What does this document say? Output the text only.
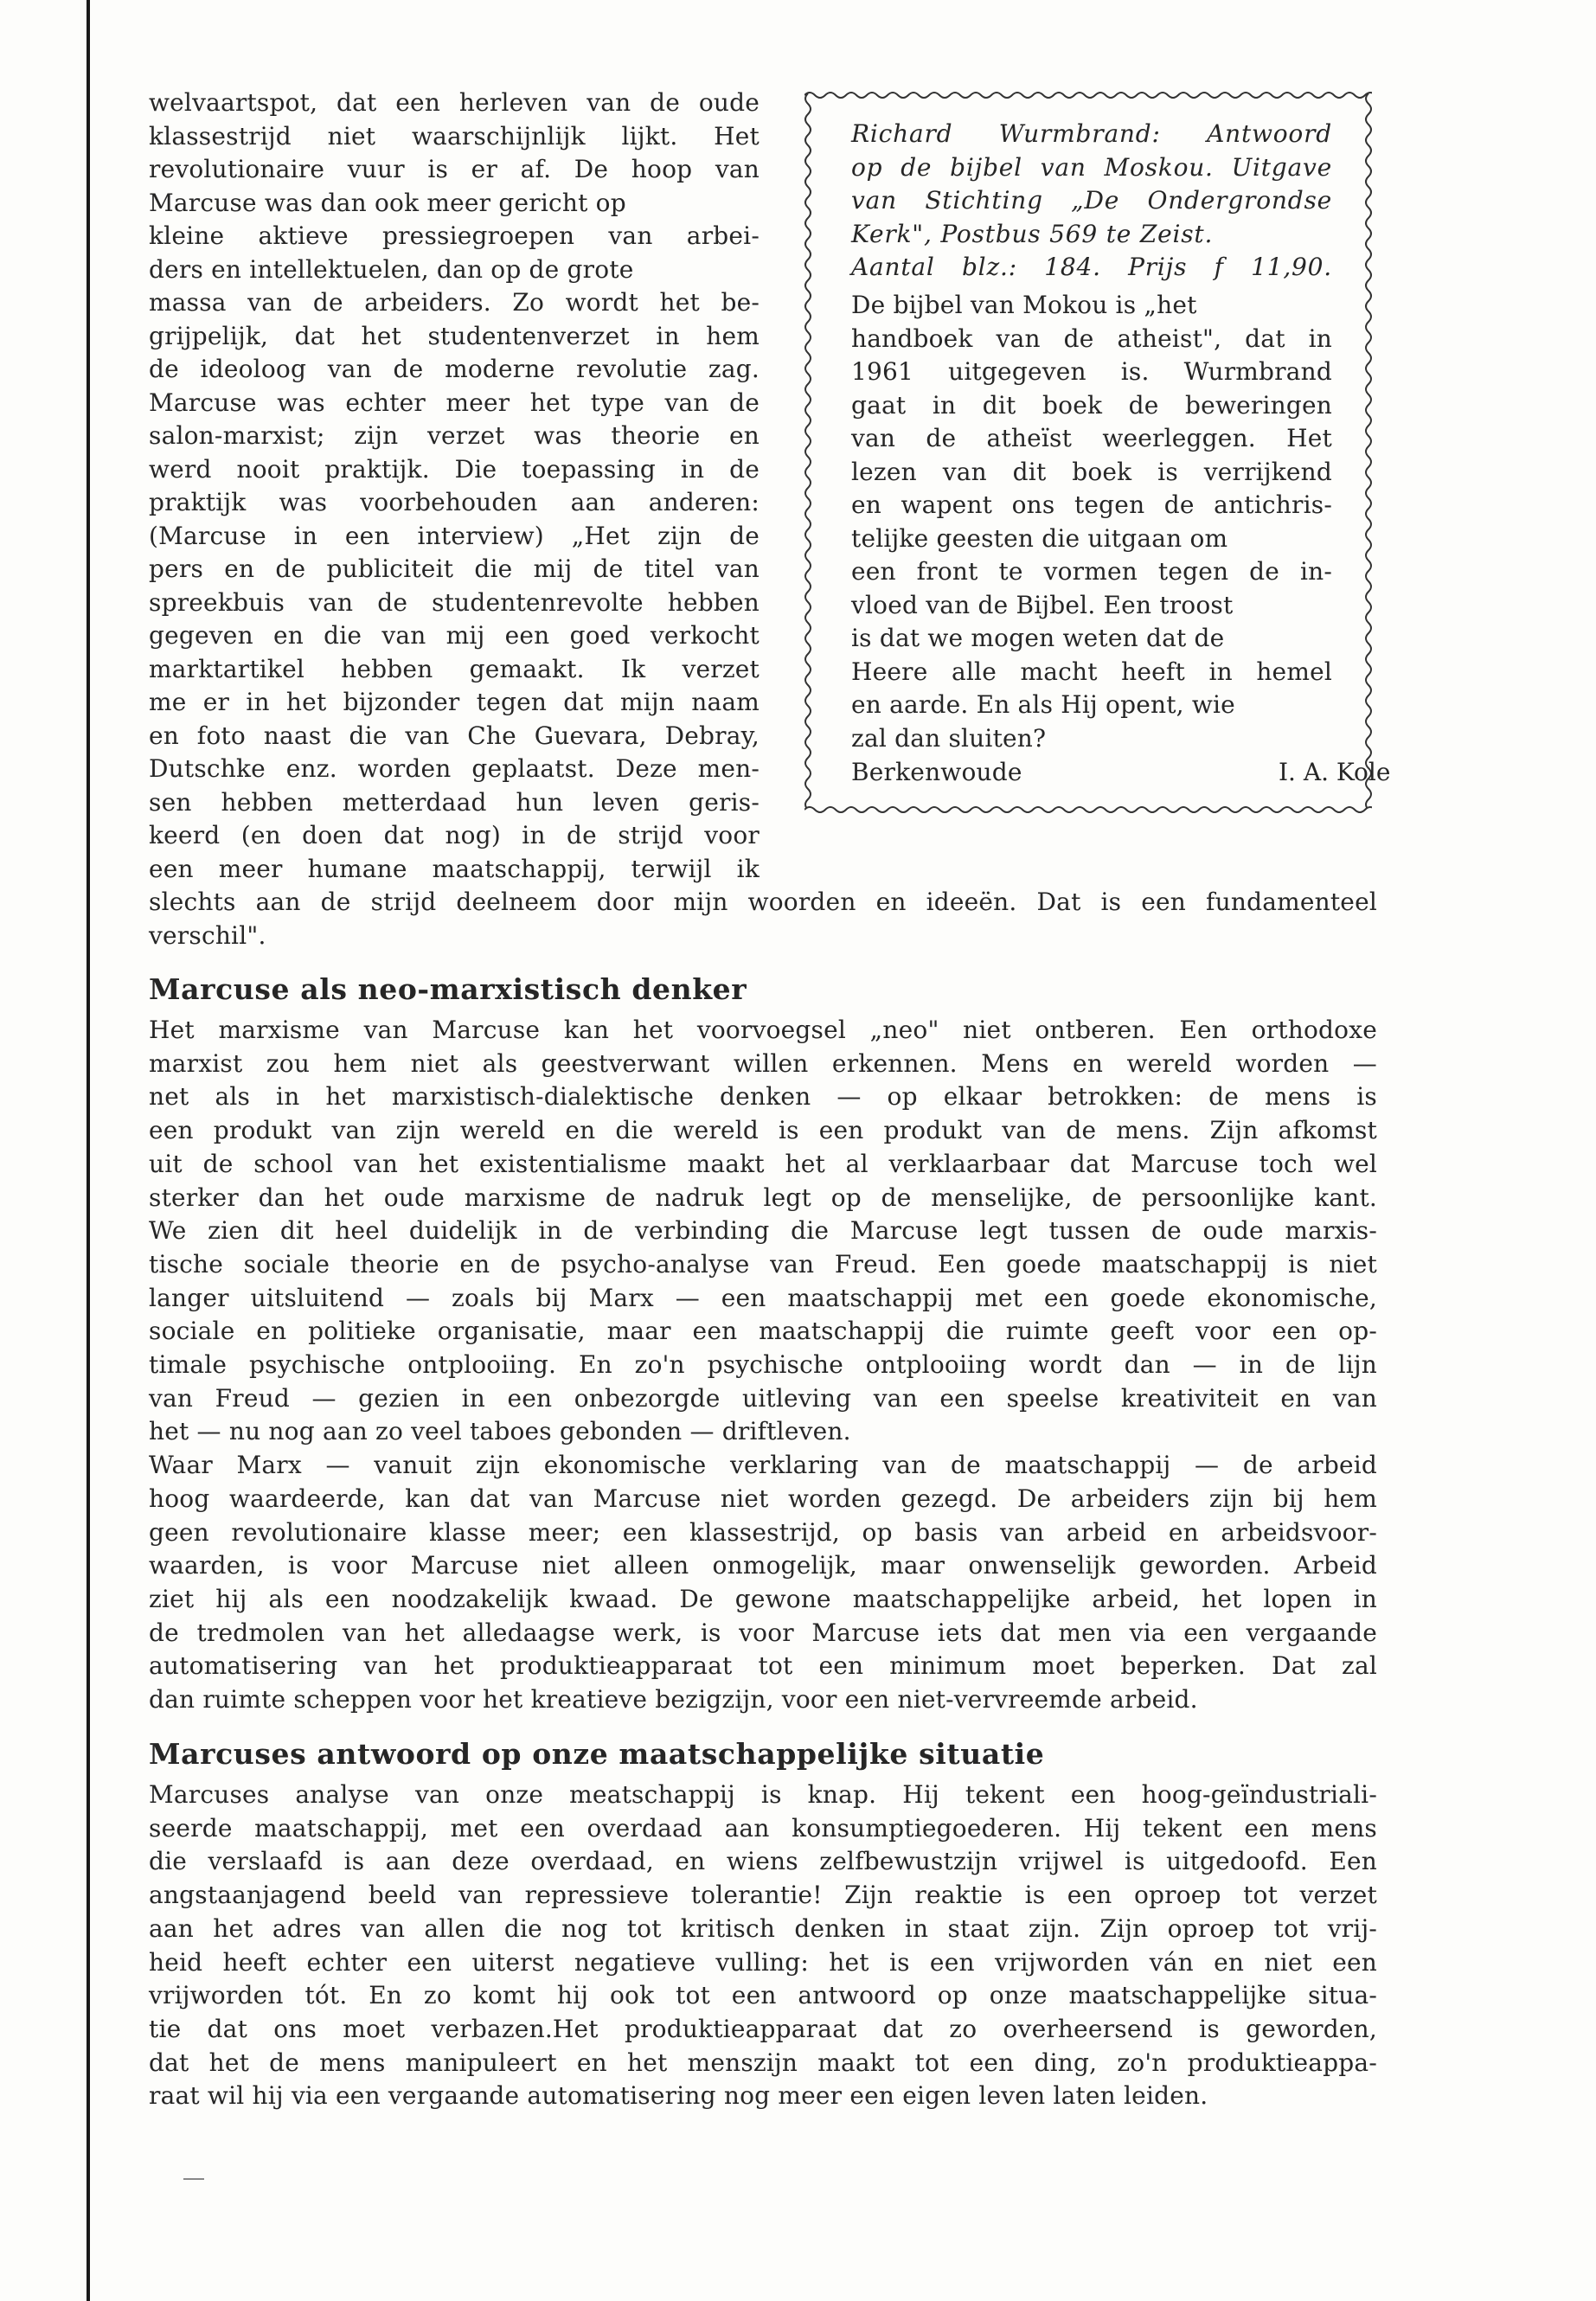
welvaartspot, dat een herleven van de oude
klassestrijd niet waarschijnlijk lijkt. Het
revolutionaire vuur is er af. De hoop van
Marcuse was dan ook meer gericht op
kleine aktieve pressiegroepen van arbei-
ders en intellektuelen, dan op de grote
massa van de arbeiders. Zo wordt het be-
grijpelijk, dat het studentenverzet in hem
de ideoloog van de moderne revolutie zag.
Marcuse was echter meer het type van de
salon-marxist; zijn verzet was theorie en
werd nooit praktijk. Die toepassing in de
praktijk was voorbehouden aan anderen:
(Marcuse in een interview) „Het zijn de
pers en de publiciteit die mij de titel van
spreekbuis van de studentenrevolte hebben
gegeven en die van mij een goed verkocht
marktartikel hebben gemaakt. Ik verzet
me er in het bijzonder tegen dat mijn naam
en foto naast die van Che Guevara, Debray,
Dutschke enz. worden geplaatst. Deze men-
sen hebben metterdaad hun leven geris-
keerd (en doen dat nog) in de strijd voor
een meer humane maatschappij, terwijl ik
Richard Wurmbrand: Antwoord
op de bijbel van Moskou. Uitgave
van Stichting „De Ondergrondse
Kerk", Postbus 569 te Zeist.
Aantal blz.: 184. Prijs f 11,90.
De bijbel van Mokou is „het
handboek van de atheist", dat in
1961 uitgegeven is. Wurmbrand
gaat in dit boek de beweringen
van de atheïst weerleggen. Het
lezen van dit boek is verrijkend
en wapent ons tegen de antichris-
telijke geesten die uitgaan om
een front te vormen tegen de in-
vloed van de Bijbel. Een troost
is dat we mogen weten dat de
Heere alle macht heeft in hemel
en aarde. En als Hij opent, wie
zal dan sluiten?
Berkenwoude	I. A. Kole
slechts aan de strijd deelneem door mijn woorden en ideeën. Dat is een fundamenteel
verschil".
Marcuse als neo-marxistisch denker
Het marxisme van Marcuse kan het voorvoegsel „neo" niet ontberen. Een orthodoxe
marxist zou hem niet als geestverwant willen erkennen. Mens en wereld worden —
net als in het marxistisch-dialektische denken — op elkaar betrokken: de mens is
een produkt van zijn wereld en die wereld is een produkt van de mens. Zijn afkomst
uit de school van het existentialisme maakt het al verklaarbaar dat Marcuse toch wel
sterker dan het oude marxisme de nadruk legt op de menselijke, de persoonlijke kant.
We zien dit heel duidelijk in de verbinding die Marcuse legt tussen de oude marxis-
tische sociale theorie en de psycho-analyse van Freud. Een goede maatschappij is niet
langer uitsluitend — zoals bij Marx — een maatschappij met een goede ekonomische,
sociale en politieke organisatie, maar een maatschappij die ruimte geeft voor een op-
timale psychische ontplooiing. En zo'n psychische ontplooiing wordt dan — in de lijn
van Freud — gezien in een onbezorgde uitleving van een speelse kreativiteit en van
het — nu nog aan zo veel taboes gebonden — driftleven.
Waar Marx — vanuit zijn ekonomische verklaring van de maatschappij — de arbeid
hoog waardeerde, kan dat van Marcuse niet worden gezegd. De arbeiders zijn bij hem
geen revolutionaire klasse meer; een klassestrijd, op basis van arbeid en arbeidsvoor-
waarden, is voor Marcuse niet alleen onmogelijk, maar onwenselijk geworden. Arbeid
ziet hij als een noodzakelijk kwaad. De gewone maatschappelijke arbeid, het lopen in
de tredmolen van het alledaagse werk, is voor Marcuse iets dat men via een vergaande
automatisering van het produktieapparaat tot een minimum moet beperken. Dat zal
dan ruimte scheppen voor het kreatieve bezigzijn, voor een niet-vervreemde arbeid.
Marcuses antwoord op onze maatschappelijke situatie
Marcuses analyse van onze meatschappij is knap. Hij tekent een hoog-geïndustriali-
seerde maatschappij, met een overdaad aan konsumptiegoederen. Hij tekent een mens
die verslaafd is aan deze overdaad, en wiens zelfbewustzijn vrijwel is uitgedoofd. Een
angstaanjagend beeld van repressieve tolerantie! Zijn reaktie is een oproep tot verzet
aan het adres van allen die nog tot kritisch denken in staat zijn. Zijn oproep tot vrij-
heid heeft echter een uiterst negatieve vulling: het is een vrijworden ván en niet een
vrijworden tót. En zo komt hij ook tot een antwoord op onze maatschappelijke situa-
tie dat ons moet verbazen.Het produktieapparaat dat zo overheersend is geworden,
dat het de mens manipuleert en het menszijn maakt tot een ding, zo'n produktieappa-
raat wil hij via een vergaande automatisering nog meer een eigen leven laten leiden.
